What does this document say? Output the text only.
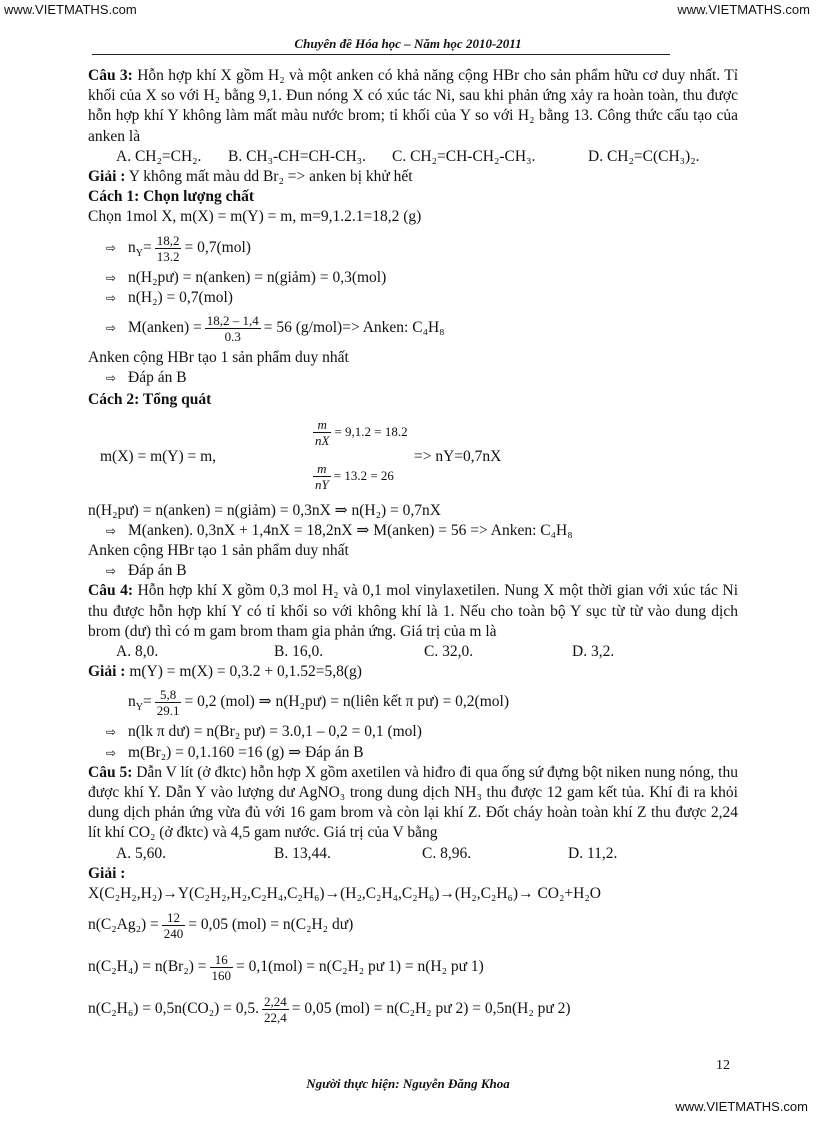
www.VIETMATHS.com	www.VIETMATHS.com
Chuyên đề Hóa học – Năm học 2010-2011

Câu 3: Hỗn hợp khí X gồm H₂ và một anken có khả năng cộng HBr cho sản phẩm hữu cơ duy nhất. Tỉ khối của X so với H₂ bằng 9,1. Đun nóng X có xúc tác Ni, sau khi phản ứng xảy ra hoàn toàn, thu được hỗn hợp khí Y không làm mất màu nước brom; tỉ khối của Y so với H₂ bằng 13. Công thức cấu tạo của anken là

A. CH₂=CH₂.	B. CH₃-CH=CH-CH₃.	C. CH₂=CH-CH₂-CH₃.	D. CH₂=C(CH₃)₂.

Giải : Y không mất màu dd Br₂ => anken bị khử hết

Cách 1: Chọn lượng chất

Chọn 1mol X, m(X) = m(Y) = m, m=9,1.2.1=18,2 (g)

⇨ $n_Y= \frac{18,2}{13.2} = 0,7(mol)$

⇨ n(H₂pư) = n(anken) = n(giảm) = 0,3(mol)

⇨ n(H₂) = 0,7(mol)

⇨ M(anken) = $\frac{18,2 - 1,4}{0.3} = 56$ (g/mol)=> Anken: C₄H₈

Anken cộng HBr tạo 1 sản phẩm duy nhất

⇨ Đáp án B

Cách 2: Tổng quát

m(X) = m(Y) = m,
$\frac{m}{nX} = 9,1.2 = 18.2$
$\frac{m}{nY} = 13.2 = 26$
=> nY=0,7nX

n(H₂pư) = n(anken) = n(giảm) = 0,3nX ⇒ n(H₂) = 0,7nX

⇨ M(anken). 0,3nX + 1,4nX = 18,2nX ⇒ M(anken) = 56 => Anken: C₄H₈

Anken cộng HBr tạo 1 sản phẩm duy nhất

⇨ Đáp án B

Câu 4: Hỗn hợp khí X gồm 0,3 mol H₂ và 0,1 mol vinylaxetilen. Nung X một thời gian với xúc tác Ni thu được hỗn hợp khí Y có tỉ khối so với không khí là 1. Nếu cho toàn bộ Y sục từ từ vào dung dịch brom (dư) thì có m gam brom tham gia phản ứng. Giá trị của m là

A. 8,0.	B. 16,0.	C. 32,0.	D. 3,2.

Giải : m(Y) = m(X) = 0,3.2 + 0,1.52=5,8(g)

$n_Y= \frac{5,8}{29.1} = 0,2$ (mol) ⇒ n(H₂pư) = n(liên kết π pư) = 0,2(mol)

⇨ n(lk π dư) = n(Br₂ pư) = 3.0,1 – 0,2 = 0,1 (mol)

⇨ m(Br₂) = 0,1.160 =16 (g) ⇒ Đáp án B

Câu 5: Dẫn V lít (ở đktc) hỗn hợp X gồm axetilen và hiđro đi qua ống sứ đựng bột niken nung nóng, thu được khí Y. Dẫn Y vào lượng dư AgNO₃ trong dung dịch NH₃ thu được 12 gam kết tủa. Khí đi ra khỏi dung dịch phản ứng vừa đủ với 16 gam brom và còn lại khí Z. Đốt cháy hoàn toàn khí Z thu được 2,24 lít khí CO₂ (ở đktc) và 4,5 gam nước. Giá trị của V bằng

A. 5,60.	B. 13,44.	C. 8,96.	D. 11,2.

Giải :

X(C₂H₂,H₂)→Y(C₂H₂,H₂,C₂H₄,C₂H₆)→(H₂,C₂H₄,C₂H₆)→(H₂,C₂H₆)→ CO₂+H₂O

$n(C_2Ag_2) = \frac{12}{240} = 0,05$ (mol) = n(C₂H₂ dư)

$n(C_2H_4) = n(Br_2) = \frac{16}{160} = 0,1(mol) = n(C_2H_2$ pư 1) = n(H₂ pư 1)

n(C₂H₆) = 0,5n(CO₂) = 0,5. $\frac{2,24}{22,4} = 0,05$ (mol) = n(C₂H₂ pư 2) = 0,5n(H₂ pư 2)

12
Người thực hiện: Nguyễn Đăng Khoa
www.VIETMATHS.com
